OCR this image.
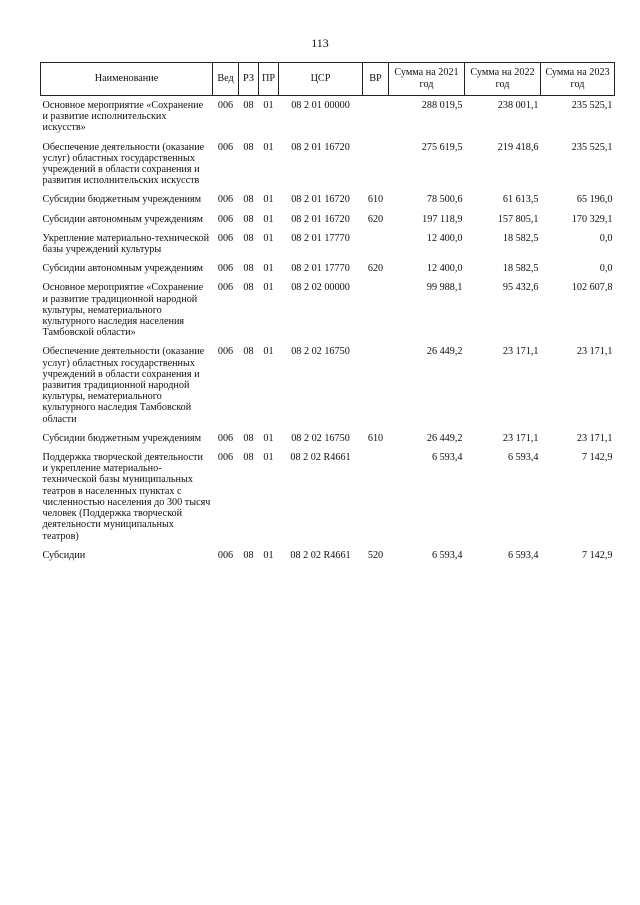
113
Наименование	Вед	РЗ	ПР	ЦСР	ВР	Сумма на 2021 год	Сумма на 2022 год	Сумма на 2023 год
Основное мероприятие «Сохранение и развитие исполнительских искусств»	006	08	01	08 2 01 00000		288 019,5	238 001,1	235 525,1
Обеспечение деятельности (оказание услуг) областных государственных учреждений в области сохранения и развития исполнительских искусств	006	08	01	08 2 01 16720		275 619,5	219 418,6	235 525,1
Субсидии бюджетным учреждениям	006	08	01	08 2 01 16720	610	78 500,6	61 613,5	65 196,0
Субсидии автономным учреждениям	006	08	01	08 2 01 16720	620	197 118,9	157 805,1	170 329,1
Укрепление материально-технической базы учреждений культуры	006	08	01	08 2 01 17770		12 400,0	18 582,5	0,0
Субсидии автономным учреждениям	006	08	01	08 2 01 17770	620	12 400,0	18 582,5	0,0
Основное мероприятие «Сохранение и развитие традиционной народной культуры, нематериального культурного наследия населения Тамбовской области»	006	08	01	08 2 02 00000		99 988,1	95 432,6	102 607,8
Обеспечение деятельности (оказание услуг) областных государственных учреждений в области сохранения и развития традиционной народной культуры, нематериального культурного наследия Тамбовской области	006	08	01	08 2 02 16750		26 449,2	23 171,1	23 171,1
Субсидии бюджетным учреждениям	006	08	01	08 2 02 16750	610	26 449,2	23 171,1	23 171,1
Поддержка творческой деятельности и укрепление материально-технической базы муниципальных театров в населенных пунктах с численностью населения до 300 тысяч человек (Поддержка творческой деятельности муниципальных театров)	006	08	01	08 2 02 R4661		6 593,4	6 593,4	7 142,9
Субсидии	006	08	01	08 2 02 R4661	520	6 593,4	6 593,4	7 142,9
